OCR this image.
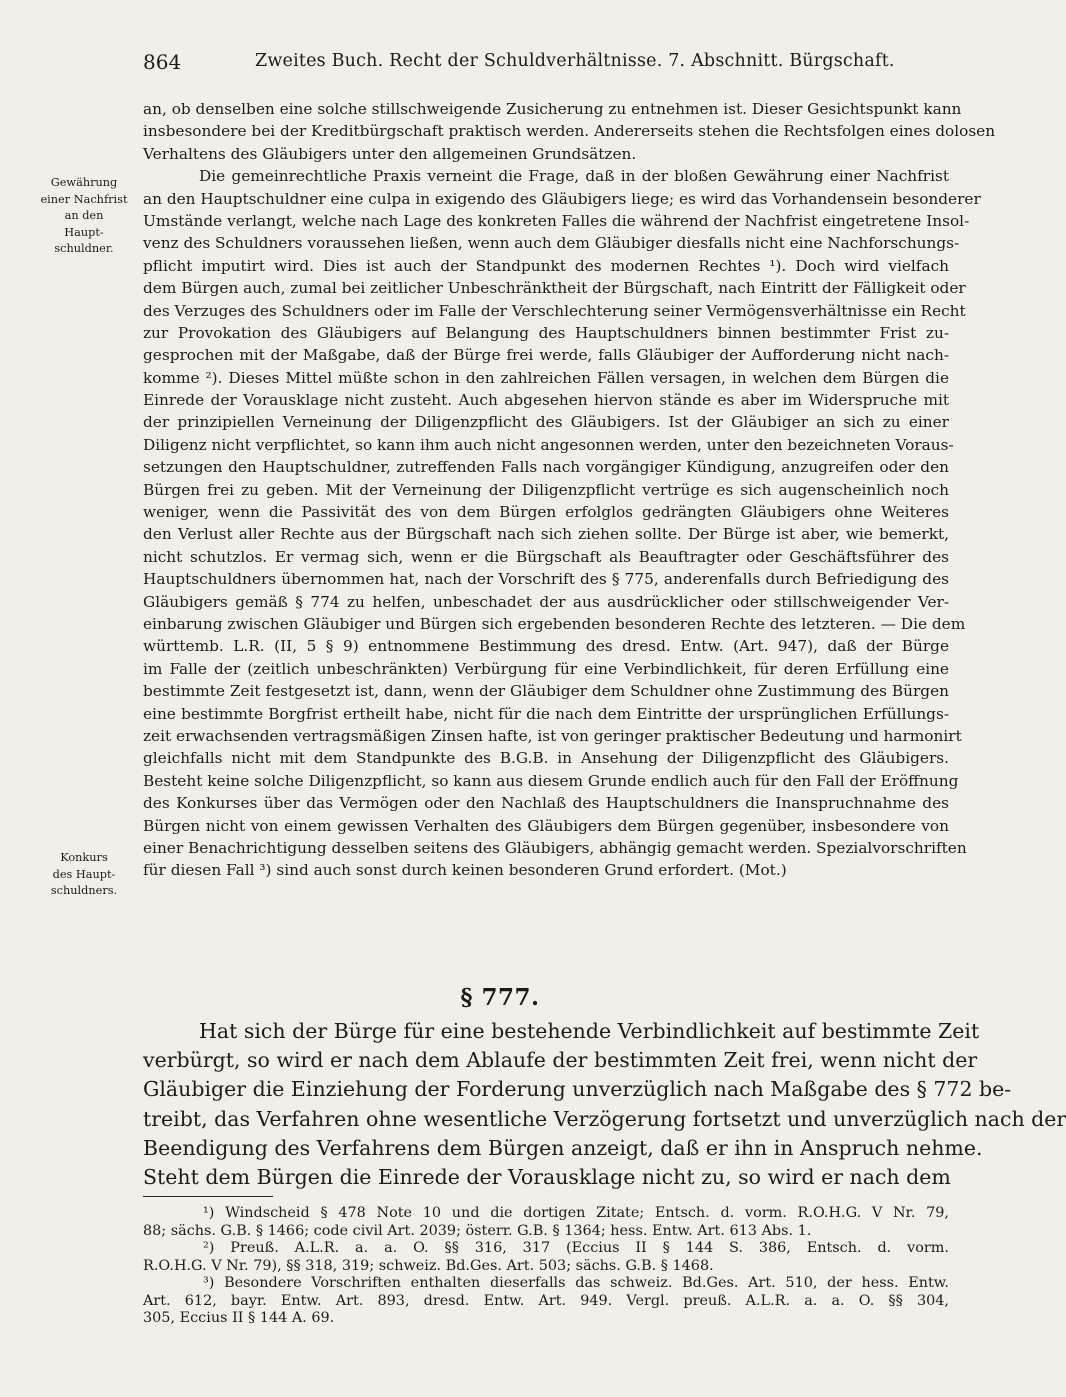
864	Zweites Buch. Recht der Schuldverhältnisse. 7. Abschnitt. Bürgschaft.
Gewährung
einer Nachfrist
an den
Haupt-
schuldner.
Konkurs
des Haupt-
schuldners.
an, ob denselben eine solche stillschweigende Zusicherung zu entnehmen ist. Dieser Gesichtspunkt kann
insbesondere bei der Kreditbürgschaft praktisch werden. Andererseits stehen die Rechtsfolgen eines dolosen
Verhaltens des Gläubigers unter den allgemeinen Grundsätzen.
Die gemeinrechtliche Praxis verneint die Frage, daß in der bloßen Gewährung einer Nachfrist
an den Hauptschuldner eine culpa in exigendo des Gläubigers liege; es wird das Vorhandensein besonderer
Umstände verlangt, welche nach Lage des konkreten Falles die während der Nachfrist eingetretene Insol-
venz des Schuldners voraussehen ließen, wenn auch dem Gläubiger diesfalls nicht eine Nachforschungs-
pflicht imputirt wird. Dies ist auch der Standpunkt des modernen Rechtes ¹). Doch wird vielfach
dem Bürgen auch, zumal bei zeitlicher Unbeschränktheit der Bürgschaft, nach Eintritt der Fälligkeit oder
des Verzuges des Schuldners oder im Falle der Verschlechterung seiner Vermögensverhältnisse ein Recht
zur Provokation des Gläubigers auf Belangung des Hauptschuldners binnen bestimmter Frist zu-
gesprochen mit der Maßgabe, daß der Bürge frei werde, falls Gläubiger der Aufforderung nicht nach-
komme ²). Dieses Mittel müßte schon in den zahlreichen Fällen versagen, in welchen dem Bürgen die
Einrede der Vorausklage nicht zusteht. Auch abgesehen hiervon stände es aber im Widerspruche mit
der prinzipiellen Verneinung der Diligenzpflicht des Gläubigers. Ist der Gläubiger an sich zu einer
Diligenz nicht verpflichtet, so kann ihm auch nicht angesonnen werden, unter den bezeichneten Voraus-
setzungen den Hauptschuldner, zutreffenden Falls nach vorgängiger Kündigung, anzugreifen oder den
Bürgen frei zu geben. Mit der Verneinung der Diligenzpflicht vertrüge es sich augenscheinlich noch
weniger, wenn die Passivität des von dem Bürgen erfolglos gedrängten Gläubigers ohne Weiteres
den Verlust aller Rechte aus der Bürgschaft nach sich ziehen sollte. Der Bürge ist aber, wie bemerkt,
nicht schutzlos. Er vermag sich, wenn er die Bürgschaft als Beauftragter oder Geschäftsführer des
Hauptschuldners übernommen hat, nach der Vorschrift des § 775, anderenfalls durch Befriedigung des
Gläubigers gemäß § 774 zu helfen, unbeschadet der aus ausdrücklicher oder stillschweigender Ver-
einbarung zwischen Gläubiger und Bürgen sich ergebenden besonderen Rechte des letzteren. — Die dem
württemb. L.R. (II, 5 § 9) entnommene Bestimmung des dresd. Entw. (Art. 947), daß der Bürge
im Falle der (zeitlich unbeschränkten) Verbürgung für eine Verbindlichkeit, für deren Erfüllung eine
bestimmte Zeit festgesetzt ist, dann, wenn der Gläubiger dem Schuldner ohne Zustimmung des Bürgen
eine bestimmte Borgfrist ertheilt habe, nicht für die nach dem Eintritte der ursprünglichen Erfüllungs-
zeit erwachsenden vertragsmäßigen Zinsen hafte, ist von geringer praktischer Bedeutung und harmonirt
gleichfalls nicht mit dem Standpunkte des B.G.B. in Ansehung der Diligenzpflicht des Gläubigers.
Besteht keine solche Diligenzpflicht, so kann aus diesem Grunde endlich auch für den Fall der Eröffnung
des Konkurses über das Vermögen oder den Nachlaß des Hauptschuldners die Inanspruchnahme des
Bürgen nicht von einem gewissen Verhalten des Gläubigers dem Bürgen gegenüber, insbesondere von
einer Benachrichtigung desselben seitens des Gläubigers, abhängig gemacht werden. Spezialvorschriften
für diesen Fall ³) sind auch sonst durch keinen besonderen Grund erfordert. (Mot.)
§ 777.
Hat sich der Bürge für eine bestehende Verbindlichkeit auf bestimmte Zeit
verbürgt, so wird er nach dem Ablaufe der bestimmten Zeit frei, wenn nicht der
Gläubiger die Einziehung der Forderung unverzüglich nach Maßgabe des § 772 be-
treibt, das Verfahren ohne wesentliche Verzögerung fortsetzt und unverzüglich nach der
Beendigung des Verfahrens dem Bürgen anzeigt, daß er ihn in Anspruch nehme.
Steht dem Bürgen die Einrede der Vorausklage nicht zu, so wird er nach dem
¹) Windscheid § 478 Note 10 und die dortigen Zitate; Entsch. d. vorm. R.O.H.G. V Nr. 79,
88; sächs. G.B. § 1466; code civil Art. 2039; österr. G.B. § 1364; hess. Entw. Art. 613 Abs. 1.
²) Preuß. A.L.R. a. a. O. §§ 316, 317 (Eccius II § 144 S. 386, Entsch. d. vorm.
R.O.H.G. V Nr. 79), §§ 318, 319; schweiz. Bd.Ges. Art. 503; sächs. G.B. § 1468.
³) Besondere Vorschriften enthalten dieserfalls das schweiz. Bd.Ges. Art. 510, der hess. Entw.
Art. 612, bayr. Entw. Art. 893, dresd. Entw. Art. 949. Vergl. preuß. A.L.R. a. a. O. §§ 304,
305, Eccius II § 144 A. 69.
